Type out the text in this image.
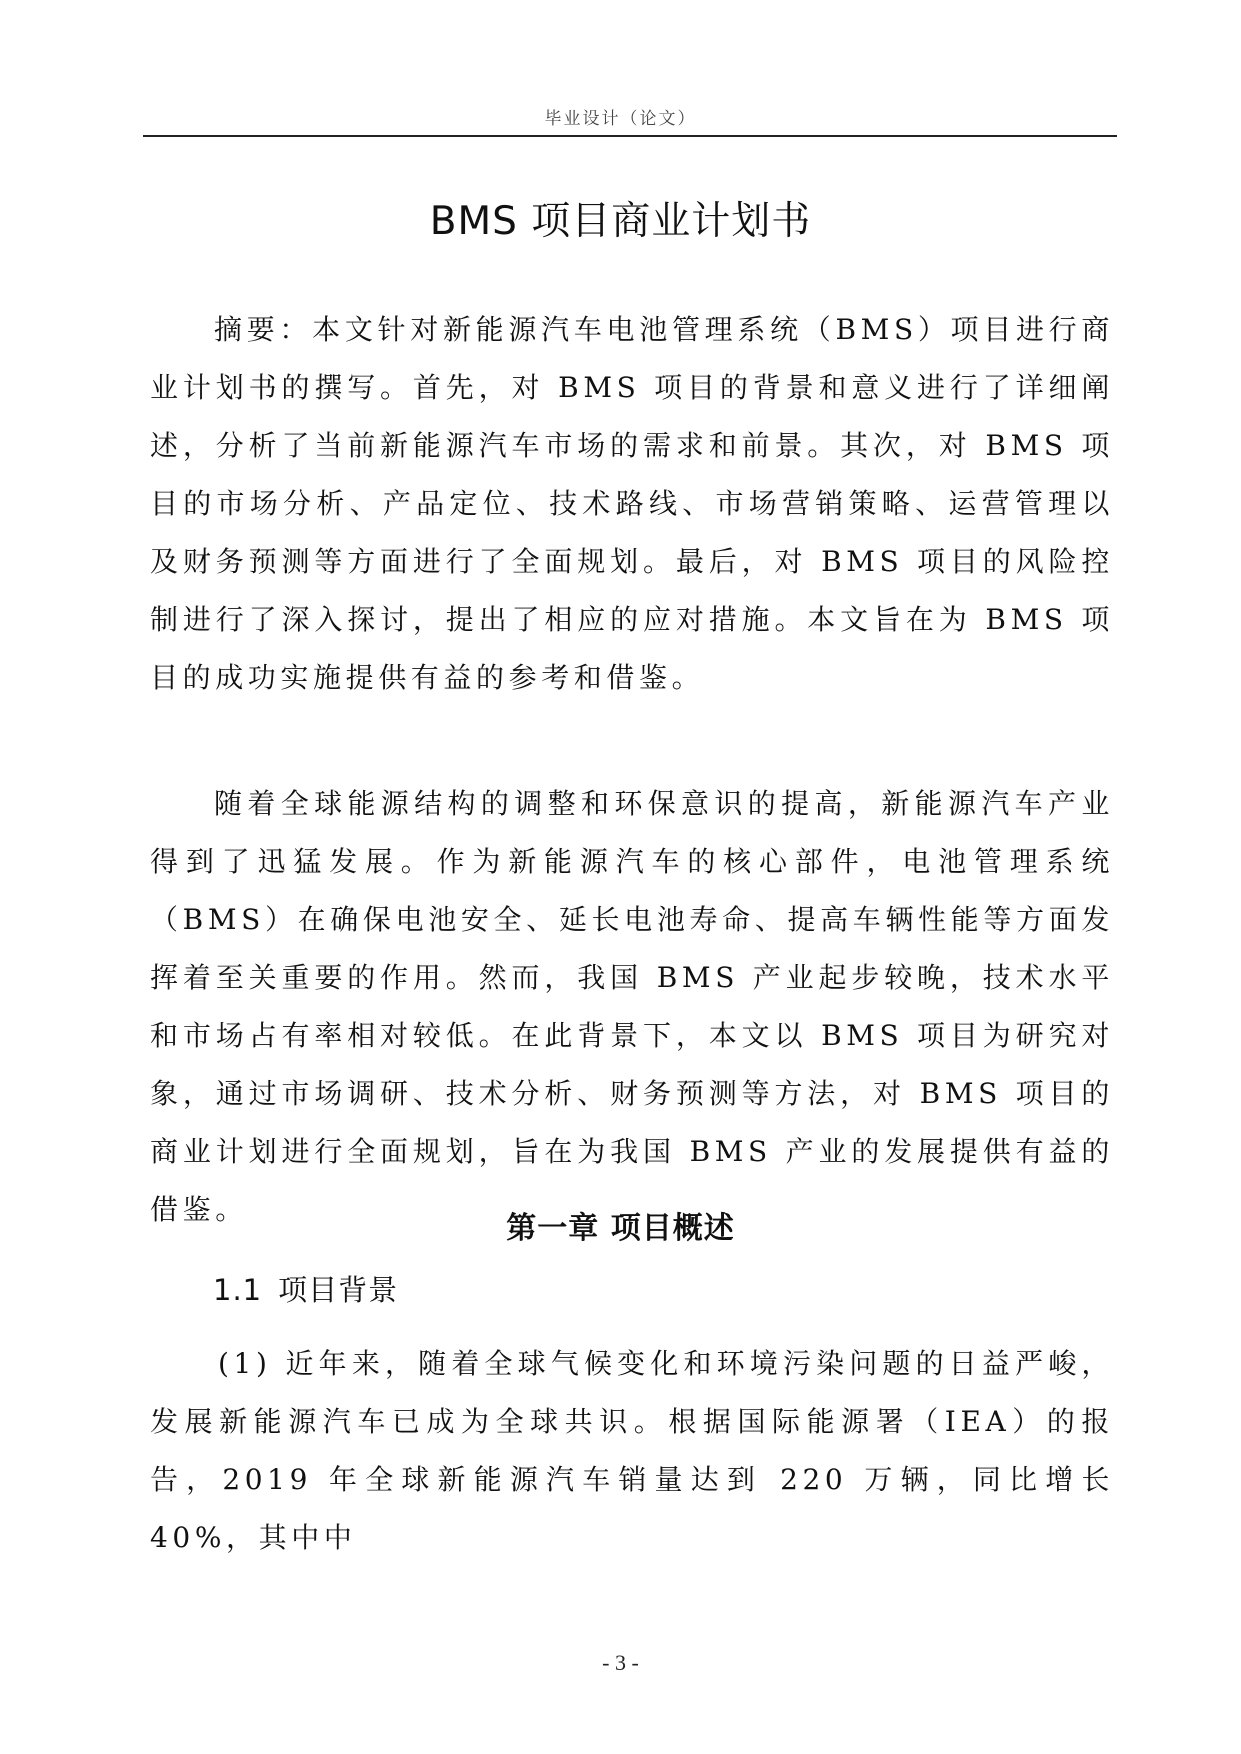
毕业设计（论文）
BMS 项目商业计划书

摘要：本文针对新能源汽车电池管理系统（BMS）项目进行商业计划书的撰写。首先，对 BMS 项目的背景和意义进行了详细阐述，分析了当前新能源汽车市场的需求和前景。其次，对 BMS 项目的市场分析、产品定位、技术路线、市场营销策略、运营管理以及财务预测等方面进行了全面规划。最后，对 BMS 项目的风险控制进行了深入探讨，提出了相应的应对措施。本文旨在为 BMS 项目的成功实施提供有益的参考和借鉴。

随着全球能源结构的调整和环保意识的提高，新能源汽车产业得到了迅猛发展。作为新能源汽车的核心部件，电池管理系统（BMS）在确保电池安全、延长电池寿命、提高车辆性能等方面发挥着至关重要的作用。然而，我国 BMS 产业起步较晚，技术水平和市场占有率相对较低。在此背景下，本文以 BMS 项目为研究对象，通过市场调研、技术分析、财务预测等方法，对 BMS 项目的商业计划进行全面规划，旨在为我国 BMS 产业的发展提供有益的借鉴。

第一章 项目概述
1.1 项目背景

(1) 近年来，随着全球气候变化和环境污染问题的日益严峻，发展新能源汽车已成为全球共识。根据国际能源署（IEA）的报告，2019 年全球新能源汽车销量达到 220 万辆，同比增长 40%，其中中

- 3 -
